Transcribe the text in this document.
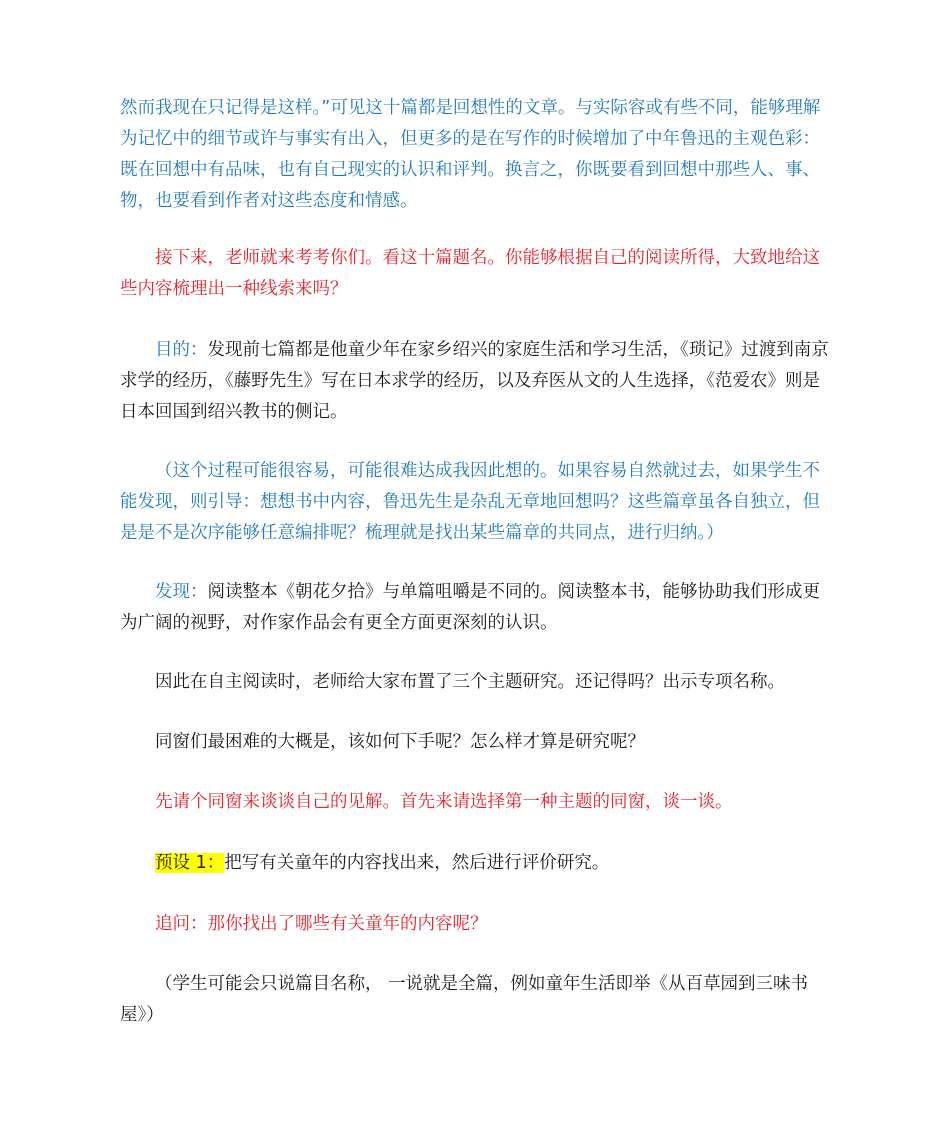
然而我现在只记得是这样。”可见这十篇都是回想性的文章。与实际容或有些不同，能够理解为记忆中的细节或许与事实有出入，但更多的是在写作的时候增加了中年鲁迅的主观色彩：既在回想中有品味，也有自己现实的认识和评判。换言之，你既要看到回想中那些人、事、物，也要看到作者对这些态度和情感。

接下来，老师就来考考你们。看这十篇题名。你能够根据自己的阅读所得，大致地给这些内容梳理出一种线索来吗？

目的：发现前七篇都是他童少年在家乡绍兴的家庭生活和学习生活，《琐记》过渡到南京求学的经历，《藤野先生》写在日本求学的经历，以及弃医从文的人生选择，《范爱农》则是日本回国到绍兴教书的侧记。

（这个过程可能很容易，可能很难达成我因此想的。如果容易自然就过去，如果学生不能发现，则引导：想想书中内容，鲁迅先生是杂乱无章地回想吗？这些篇章虽各自独立，但是是不是次序能够任意编排呢？梳理就是找出某些篇章的共同点，进行归纳。）

发现：阅读整本《朝花夕拾》与单篇咀嚼是不同的。阅读整本书，能够协助我们形成更为广阔的视野，对作家作品会有更全方面更深刻的认识。

因此在自主阅读时，老师给大家布置了三个主题研究。还记得吗？出示专项名称。

同窗们最困难的大概是，该如何下手呢？怎么样才算是研究呢？

先请个同窗来谈谈自己的见解。首先来请选择第一种主题的同窗，谈一谈。

预设 1：把写有关童年的内容找出来，然后进行评价研究。

追问：那你找出了哪些有关童年的内容呢？

（学生可能会只说篇目名称， 一说就是全篇，例如童年生活即举《从百草园到三味书屋》）
